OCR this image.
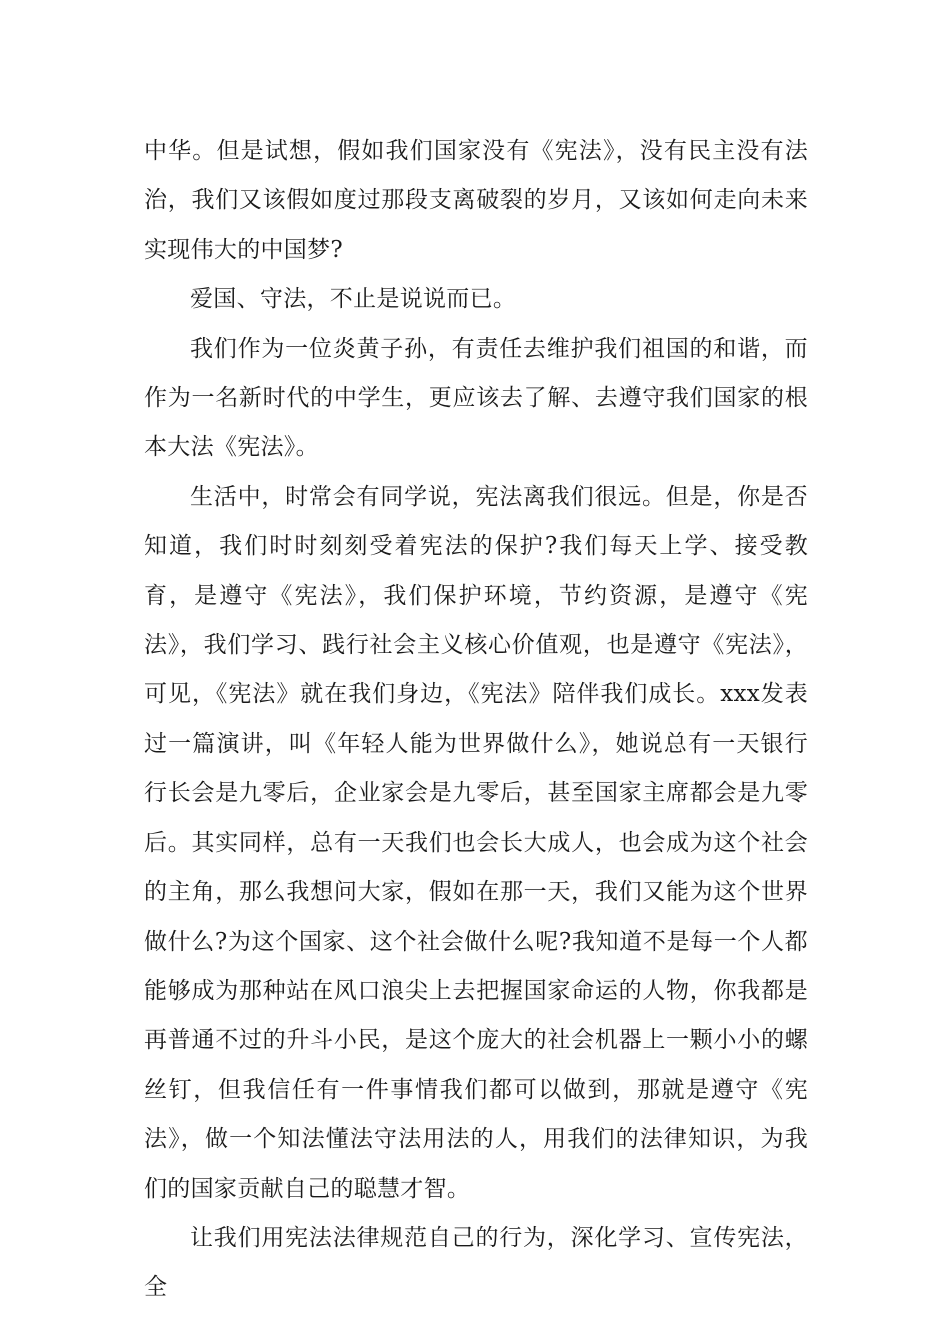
中华。但是试想，假如我们国家没有《宪法》，没有民主没有法治，我们又该假如度过那段支离破裂的岁月，又该如何走向未来实现伟大的中国梦?

爱国、守法，不止是说说而已。

我们作为一位炎黄子孙，有责任去维护我们祖国的和谐，而作为一名新时代的中学生，更应该去了解、去遵守我们国家的根本大法《宪法》。

生活中，时常会有同学说，宪法离我们很远。但是，你是否知道，我们时时刻刻受着宪法的保护?我们每天上学、接受教育，是遵守《宪法》，我们保护环境，节约资源，是遵守《宪法》，我们学习、践行社会主义核心价值观，也是遵守《宪法》，可见，《宪法》就在我们身边，《宪法》陪伴我们成长。xxx发表过一篇演讲，叫《年轻人能为世界做什么》，她说总有一天银行行长会是九零后，企业家会是九零后，甚至国家主席都会是九零后。其实同样，总有一天我们也会长大成人，也会成为这个社会的主角，那么我想问大家，假如在那一天，我们又能为这个世界做什么?为这个国家、这个社会做什么呢?我知道不是每一个人都能够成为那种站在风口浪尖上去把握国家命运的人物，你我都是再普通不过的升斗小民，是这个庞大的社会机器上一颗小小的螺丝钉，但我信任有一件事情我们都可以做到，那就是遵守《宪法》，做一个知法懂法守法用法的人，用我们的法律知识，为我们的国家贡献自己的聪慧才智。

让我们用宪法法律规范自己的行为，深化学习、宣传宪法，全
